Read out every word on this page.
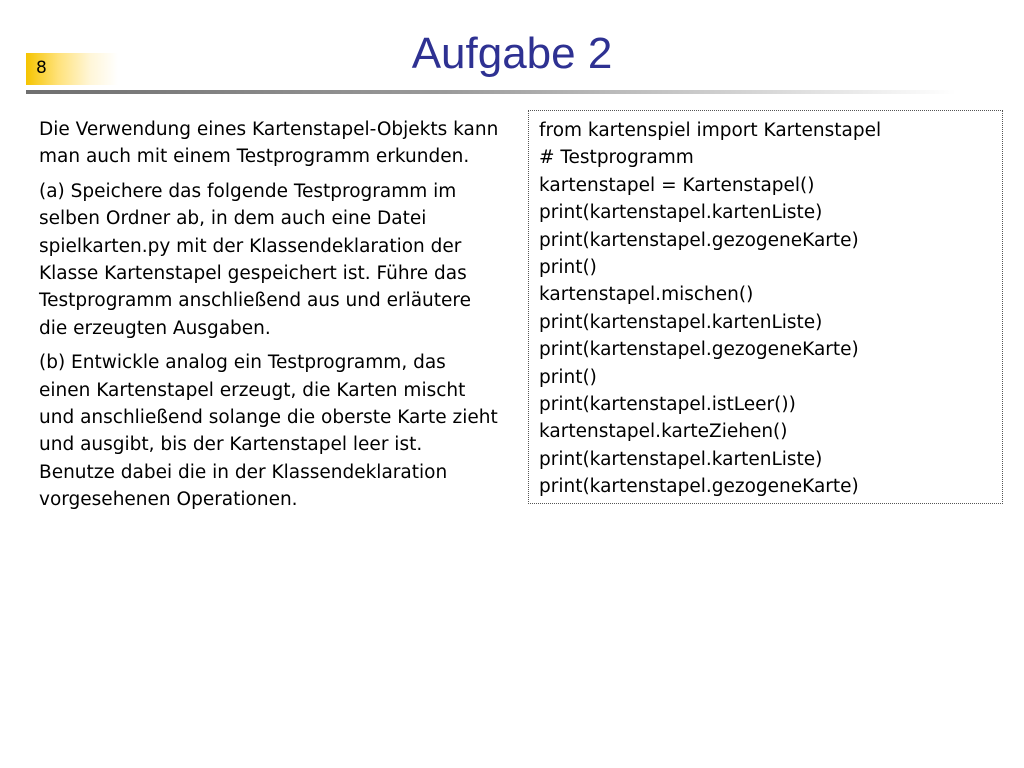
8	Aufgabe 2

Die Verwendung eines Kartenstapel-Objekts kann man auch mit einem Testprogramm erkunden.

(a) Speichere das folgende Testprogramm im selben Ordner ab, in dem auch eine Datei spielkarten.py mit der Klassendeklaration der Klasse Kartenstapel gespeichert ist. Führe das Testprogramm anschließend aus und erläutere die erzeugten Ausgaben.

(b) Entwickle analog ein Testprogramm, das einen Kartenstapel erzeugt, die Karten mischt und anschließend solange die oberste Karte zieht und ausgibt, bis der Kartenstapel leer ist. Benutze dabei die in der Klassendeklaration vorgesehenen Operationen.

from kartenspiel import Kartenstapel
# Testprogramm
kartenstapel = Kartenstapel()
print(kartenstapel.kartenListe)
print(kartenstapel.gezogeneKarte)
print()
kartenstapel.mischen()
print(kartenstapel.kartenListe)
print(kartenstapel.gezogeneKarte)
print()
print(kartenstapel.istLeer())
kartenstapel.karteZiehen()
print(kartenstapel.kartenListe)
print(kartenstapel.gezogeneKarte)
